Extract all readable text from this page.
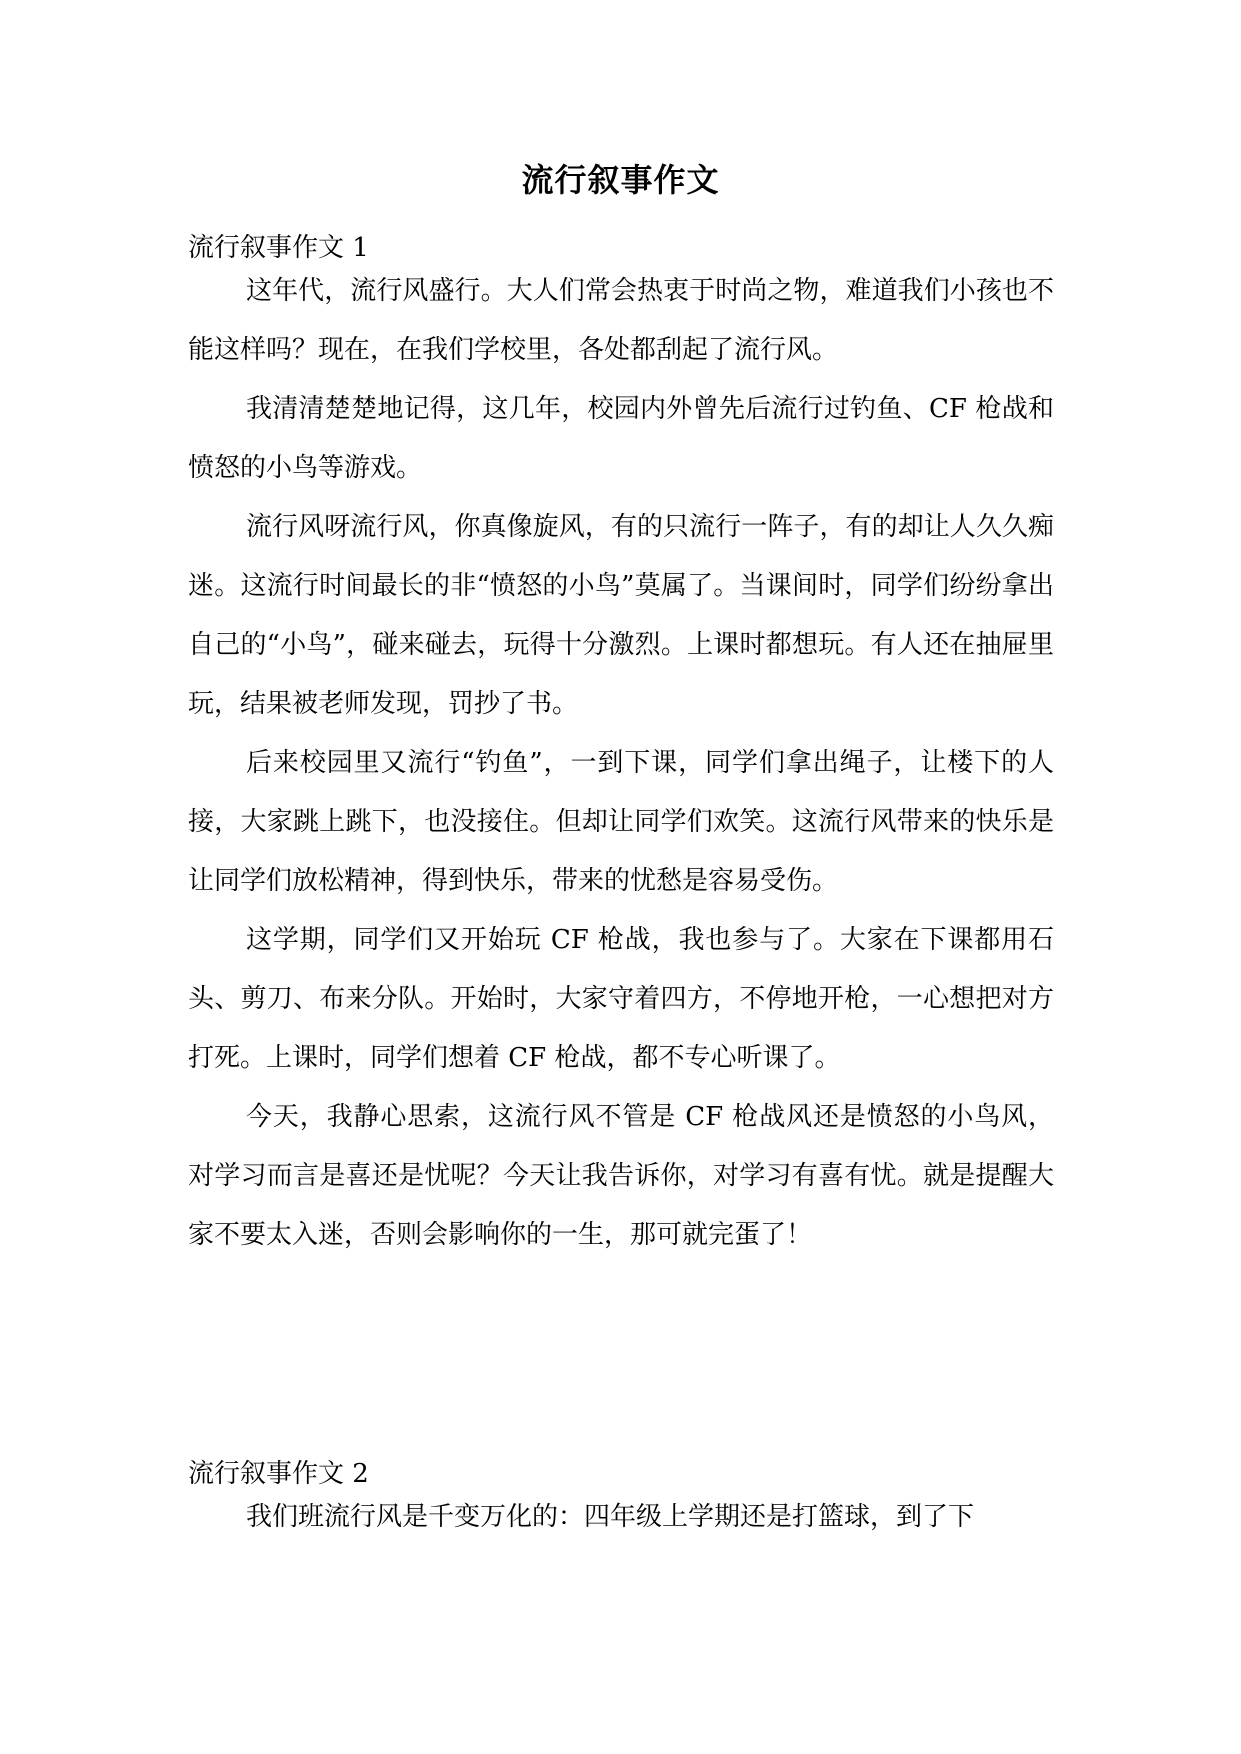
流行叙事作文
流行叙事作文 1

这年代，流行风盛行。大人们常会热衷于时尚之物，难道我们小孩也不能这样吗？现在，在我们学校里，各处都刮起了流行风。

我清清楚楚地记得，这几年，校园内外曾先后流行过钓鱼、CF 枪战和愤怒的小鸟等游戏。

流行风呀流行风，你真像旋风，有的只流行一阵子，有的却让人久久痴迷。这流行时间最长的非“愤怒的小鸟”莫属了。当课间时，同学们纷纷拿出自己的“小鸟”，碰来碰去，玩得十分激烈。上课时都想玩。有人还在抽屉里玩，结果被老师发现，罚抄了书。

后来校园里又流行“钓鱼”，一到下课，同学们拿出绳子，让楼下的人接，大家跳上跳下，也没接住。但却让同学们欢笑。这流行风带来的快乐是让同学们放松精神，得到快乐，带来的忧愁是容易受伤。

这学期，同学们又开始玩 CF 枪战，我也参与了。大家在下课都用石头、剪刀、布来分队。开始时，大家守着四方，不停地开枪，一心想把对方打死。上课时，同学们想着 CF 枪战，都不专心听课了。

今天，我静心思索，这流行风不管是 CF 枪战风还是愤怒的小鸟风，对学习而言是喜还是忧呢？今天让我告诉你，对学习有喜有忧。就是提醒大家不要太入迷，否则会影响你的一生，那可就完蛋了！

流行叙事作文 2

我们班流行风是千变万化的：四年级上学期还是打篮球，到了下
